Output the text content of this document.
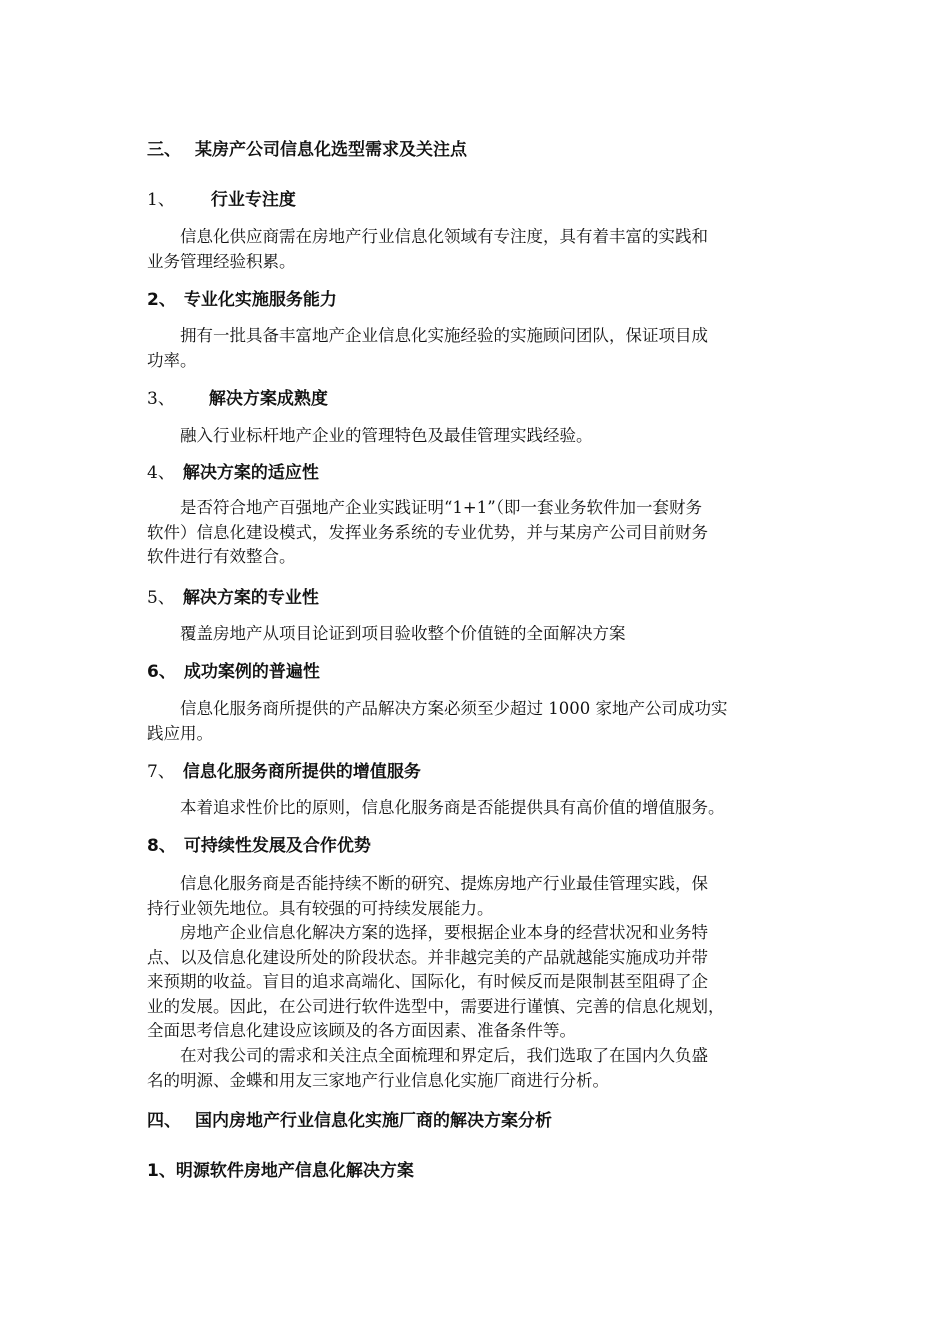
三、 某房产公司信息化选型需求及关注点
1、 行业专注度
信息化供应商需在房地产行业信息化领域有专注度，具有着丰富的实践和
业务管理经验积累。
2、 专业化实施服务能力
拥有一批具备丰富地产企业信息化实施经验的实施顾问团队，保证项目成
功率。
3、 解决方案成熟度
融入行业标杆地产企业的管理特色及最佳管理实践经验。
4、 解决方案的适应性
是否符合地产百强地产企业实践证明“1+1”（即一套业务软件加一套财务
软件）信息化建设模式，发挥业务系统的专业优势，并与某房产公司目前财务
软件进行有效整合。
5、 解决方案的专业性
覆盖房地产从项目论证到项目验收整个价值链的全面解决方案
6、 成功案例的普遍性
信息化服务商所提供的产品解决方案必须至少超过 1000 家地产公司成功实
践应用。
7、 信息化服务商所提供的增值服务
本着追求性价比的原则，信息化服务商是否能提供具有高价值的增值服务。
8、 可持续性发展及合作优势
信息化服务商是否能持续不断的研究、提炼房地产行业最佳管理实践，保
持行业领先地位。具有较强的可持续发展能力。
房地产企业信息化解决方案的选择，要根据企业本身的经营状况和业务特
点、以及信息化建设所处的阶段状态。并非越完美的产品就越能实施成功并带
来预期的收益。盲目的追求高端化、国际化，有时候反而是限制甚至阻碍了企
业的发展。因此，在公司进行软件选型中，需要进行谨慎、完善的信息化规划，
全面思考信息化建设应该顾及的各方面因素、准备条件等。
在对我公司的需求和关注点全面梳理和界定后，我们选取了在国内久负盛
名的明源、金蝶和用友三家地产行业信息化实施厂商进行分析。
四、 国内房地产行业信息化实施厂商的解决方案分析
1、明源软件房地产信息化解决方案
